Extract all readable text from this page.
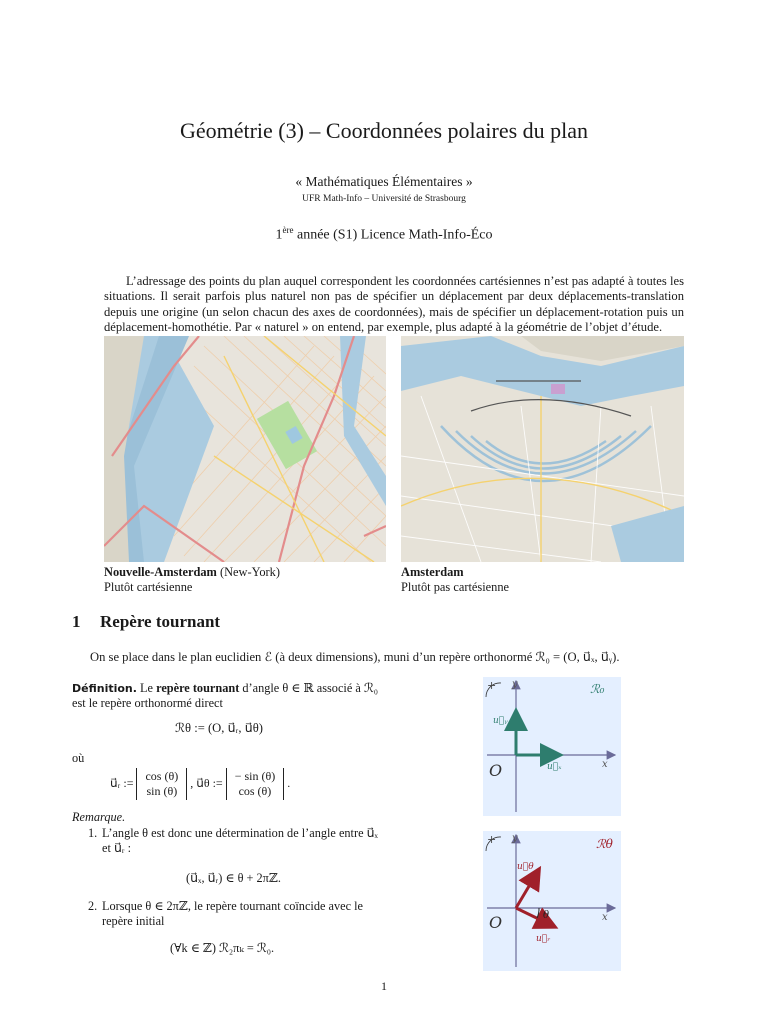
Géométrie (3) – Coordonnées polaires du plan
« Mathématiques Élémentaires »
UFR Math-Info – Université de Strasbourg
1ère année (S1) Licence Math-Info-Éco
L’adressage des points du plan auquel correspondent les coordonnées cartésiennes n’est pas adapté à toutes les situations. Il serait parfois plus naturel non pas de spécifier un déplacement par deux déplacements-translation depuis une origine (un selon chacun des axes de coordonnées), mais de spécifier un déplacement-rotation puis un déplacement-homothétie. Par « naturel » on entend, par exemple, plus adapté à la géométrie de l’objet d’étude.
Nouvelle-Amsterdam (New-York)
Plutôt cartésienne
Amsterdam
Plutôt pas cartésienne
1 Repère tournant
On se place dans le plan euclidien ℰ (à deux dimensions), muni d’un repère orthonormé ℛ₀ = (O, u⃗ₓ, u⃗ᵧ).
Définition. Le repère tournant d’angle θ ∈ ℝ associé à ℛ₀ est le repère orthonormé direct
ℛθ := (O, u⃗ᵣ, u⃗θ)
où
u⃗ᵣ := cos (θ)
sin (θ) , u⃗θ := − sin (θ)
cos (θ) .
Remarque.
1. L’angle θ est donc une détermination de l’angle entre u⃗ₓ et u⃗ᵣ :
(u⃗ₓ, u⃗ᵣ) ∈ θ + 2πℤ.
2. Lorsque θ ∈ 2πℤ, le repère tournant coïncide avec le repère initial
(∀k ∈ ℤ) ℛ₂πₖ = ℛ₀.
+ y
x
O
ℛ₀
u⃗ᵧ
u⃗ₓ
+ y
x
O	θ
ℛθ
u⃗θ
u⃗ᵣ
1
